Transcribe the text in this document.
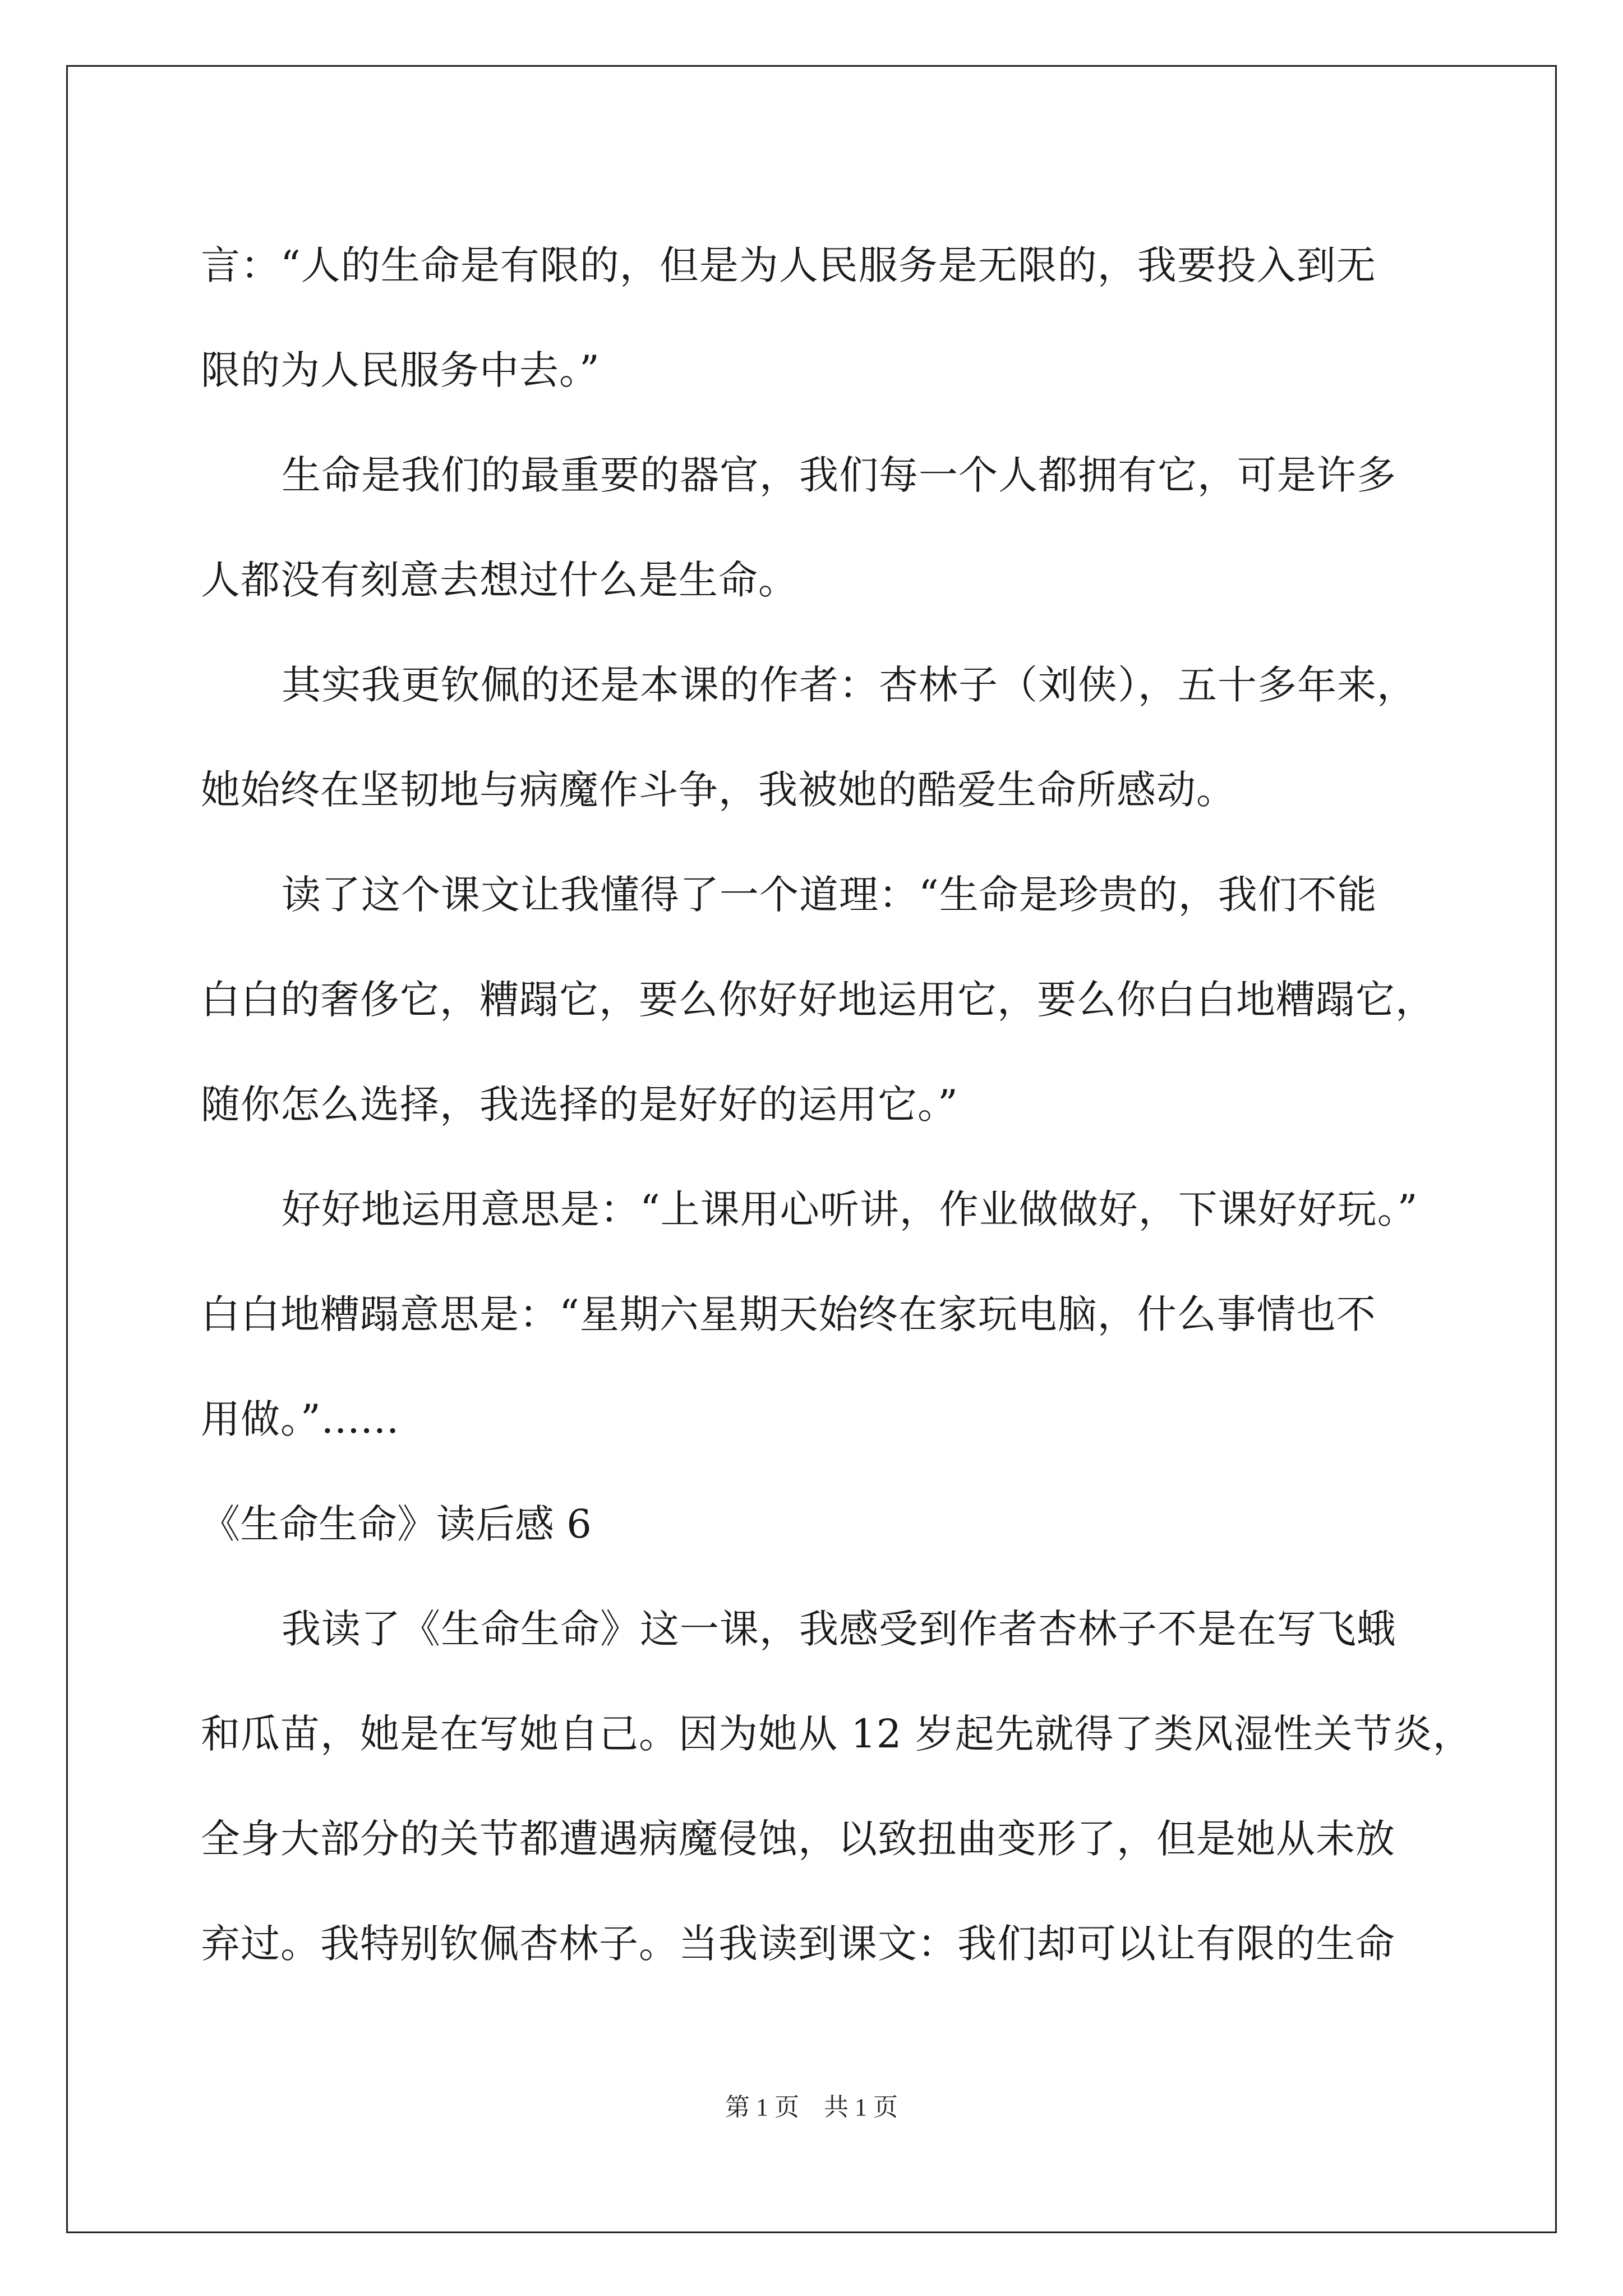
言：“人的生命是有限的，但是为人民服务是无限的，我要投入到无
限的为人民服务中去。”
生命是我们的最重要的器官，我们每一个人都拥有它，可是许多
人都没有刻意去想过什么是生命。
其实我更钦佩的还是本课的作者：杏林子（刘侠），五十多年来，
她始终在坚韧地与病魔作斗争，我被她的酷爱生命所感动。
读了这个课文让我懂得了一个道理：“生命是珍贵的，我们不能
白白的奢侈它，糟蹋它，要么你好好地运用它，要么你白白地糟蹋它，
随你怎么选择，我选择的是好好的运用它。”
好好地运用意思是：“上课用心听讲，作业做做好，下课好好玩。”
白白地糟蹋意思是：“星期六星期天始终在家玩电脑，什么事情也不
用做。”......
《生命生命》读后感 6
我读了《生命生命》这一课，我感受到作者杏林子不是在写飞蛾
和瓜苗，她是在写她自己。因为她从 12 岁起先就得了类风湿性关节炎，
全身大部分的关节都遭遇病魔侵蚀，以致扭曲变形了，但是她从未放
弃过。我特别钦佩杏林子。当我读到课文：我们却可以让有限的生命
第 1 页 共 1 页
